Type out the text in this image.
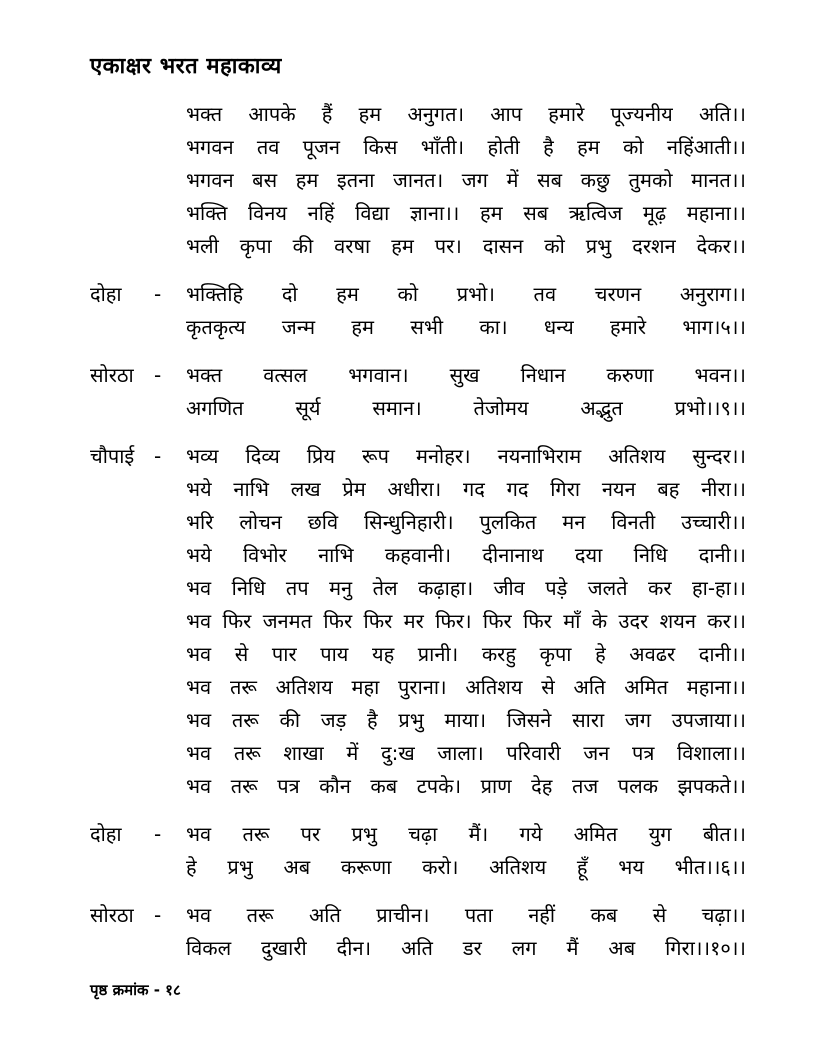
एकाक्षर भरत महाकाव्य
भक्त आपके हैं हम अनुगत। आप हमारे पूज्यनीय अति।।
भगवन तव पूजन किस भाँती। होती है हम को नहिंआती।।
भगवन बस हम इतना जानत। जग में सब कछु तुमको मानत।।
भक्ति विनय नहिं विद्या ज्ञाना।। हम सब ऋत्विज मूढ़ महाना।।
भली कृपा की वरषा हम पर। दासन को प्रभु दरशन देकर।।
दोहा	-	भक्तिहि दो हम को प्रभो। तव चरणन अनुराग।।
कृतकृत्य जन्म हम सभी का। धन्य हमारे भाग।५।।
सोरठा	-	भक्त वत्सल भगवान। सुख निधान करुणा भवन।।
अगणित सूर्य समान। तेजोमय अद्भुत प्रभो।।९।।
चौपाई -	भव्य दिव्य प्रिय रूप मनोहर। नयनाभिराम अतिशय सुन्दर।।
भये नाभि लख प्रेम अधीरा। गद गद गिरा नयन बह नीरा।।
भरि लोचन छवि सिन्धुनिहारी। पुलकित मन विनती उच्चारी।।
भये विभोर नाभि कहवानी। दीनानाथ दया निधि दानी।।
भव निधि तप मनु तेल कढ़ाहा। जीव पड़े जलते कर हा-हा।।
भव फिर जनमत फिर फिर मर फिर। फिर फिर माँ के उदर शयन कर।।
भव से पार पाय यह प्रानी। करहु कृपा हे अवढर दानी।।
भव तरू अतिशय महा पुराना। अतिशय से अति अमित महाना।।
भव तरू की जड़ है प्रभु माया। जिसने सारा जग उपजाया।।
भव तरू शाखा में दु:ख जाला। परिवारी जन पत्र विशाला।।
भव तरू पत्र कौन कब टपके। प्राण देह तज पलक झपकते।।
दोहा	-	भव तरू पर प्रभु चढ़ा मैं। गये अमित युग बीत।।
हे प्रभु अब करूणा करो। अतिशय हूँ भय भीत।।६।।
सोरठा	-	भव तरू अति प्राचीन। पता नहीं कब से चढ़ा।।
विकल दुखारी दीन। अति डर लग मैं अब गिरा।।१०।।
पृष्ठ क्रमांक - १८
